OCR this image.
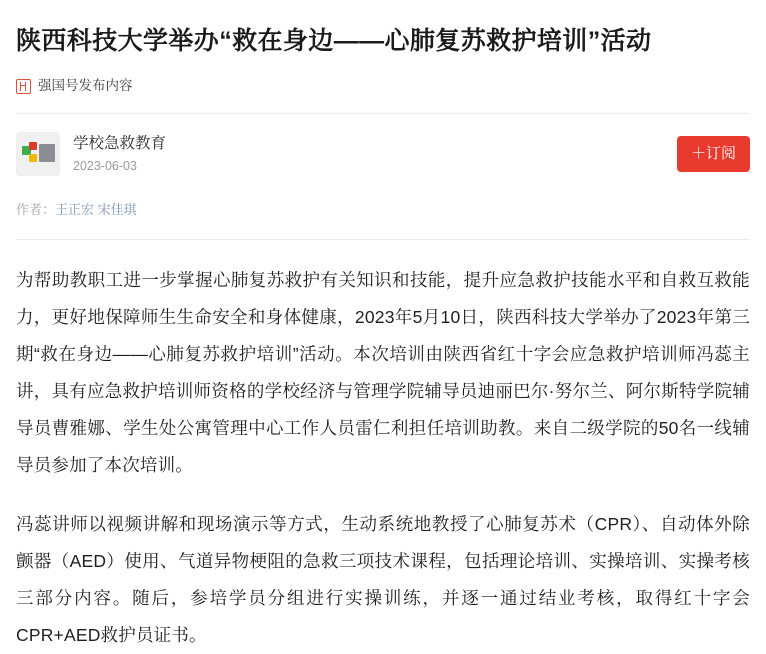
陕西科技大学举办“救在身边——心肺复苏救护培训”活动
强国号发布内容
学校急救教育
2023-06-03
＋订阅
作者：王正宏 宋佳琪

为帮助教职工进一步掌握心肺复苏救护有关知识和技能，提升应急救护技能水平和自救互救能力，更好地保障师生生命安全和身体健康，2023年5月10日，陕西科技大学举办了2023年第三期“救在身边——心肺复苏救护培训”活动。本次培训由陕西省红十字会应急救护培训师冯蕊主讲，具有应急救护培训师资格的学校经济与管理学院辅导员迪丽巴尔·努尔兰、阿尔斯特学院辅导员曹雅娜、学生处公寓管理中心工作人员雷仁利担任培训助教。来自二级学院的50名一线辅导员参加了本次培训。

冯蕊讲师以视频讲解和现场演示等方式，生动系统地教授了心肺复苏术（CPR）、自动体外除颤器（AED）使用、气道异物梗阻的急救三项技术课程，包括理论培训、实操培训、实操考核三部分内容。随后，参培学员分组进行实操训练，并逐一通过结业考核，取得红十字会CPR+AED救护员证书。
